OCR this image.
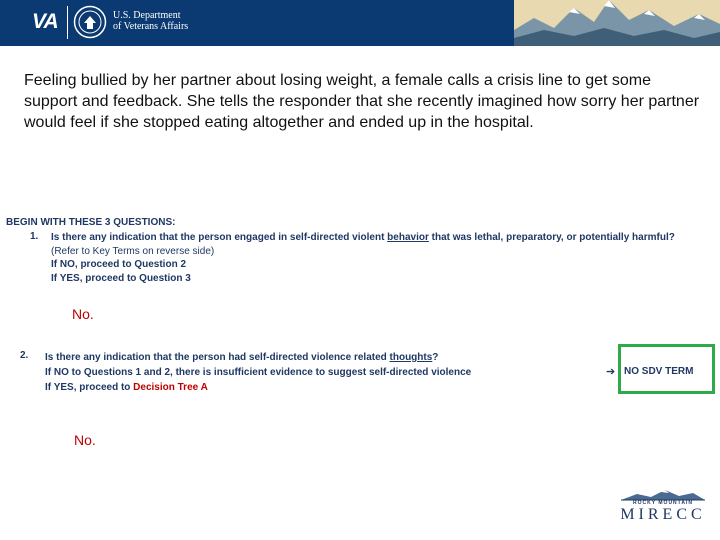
VA	U.S. Department
of Veterans Affairs

Feeling bullied by her partner about losing weight, a female calls a crisis line to get some support and feedback. She tells the responder that she recently imagined how sorry her partner would feel if she stopped eating altogether and ended up in the hospital.

BEGIN WITH THESE 3 QUESTIONS:
1. Is there any indication that the person engaged in self-directed violent behavior that was lethal, preparatory, or potentially harmful?
(Refer to Key Terms on reverse side)
If NO, proceed to Question 2
If YES, proceed to Question 3
No.
2. Is there any indication that the person had self-directed violence related thoughts?
If NO to Questions 1 and 2, there is insufficient evidence to suggest self-directed violence
If YES, proceed to Decision Tree A
➔ NO SDV TERM
No.
ROCKY MOUNTAIN
MIRECC
